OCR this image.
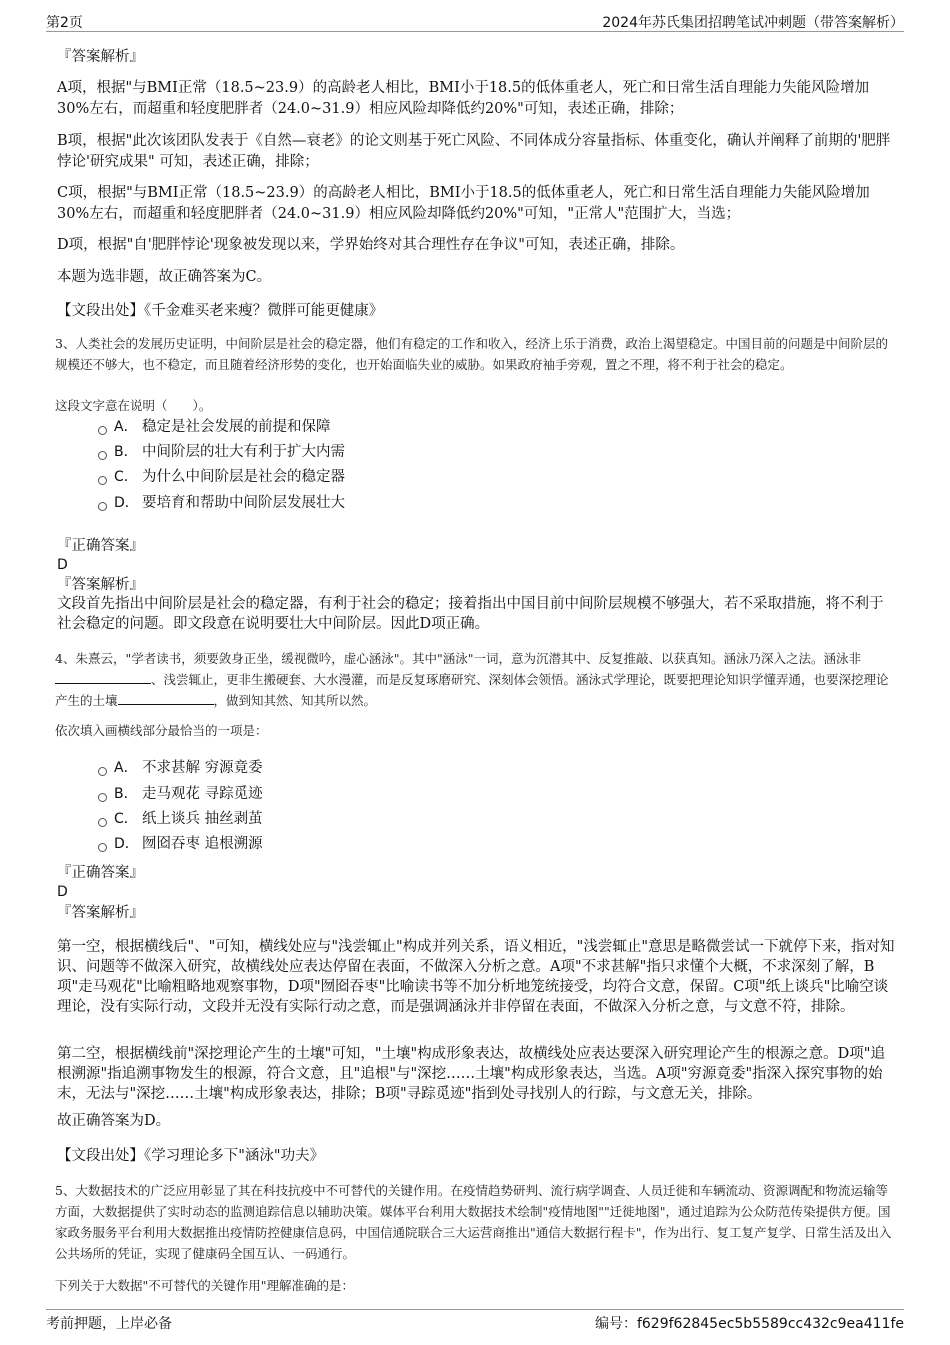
第2页	2024年苏氏集团招聘笔试冲刺题（带答案解析）

『答案解析』

A项，根据"与BMI正常（18.5~23.9）的高龄老人相比，BMI小于18.5的低体重老人，死亡和日常生活自理能力失能风险增加30%左右，而超重和轻度肥胖者（24.0~31.9）相应风险却降低约20%"可知，表述正确，排除；

B项，根据"此次该团队发表于《自然—衰老》的论文则基于死亡风险、不同体成分容量指标、体重变化，确认并阐释了前期的'肥胖悖论'研究成果" 可知，表述正确，排除；

C项，根据"与BMI正常（18.5~23.9）的高龄老人相比，BMI小于18.5的低体重老人，死亡和日常生活自理能力失能风险增加30%左右，而超重和轻度肥胖者（24.0~31.9）相应风险却降低约20%"可知，"正常人"范围扩大，当选；

D项，根据"自'肥胖悖论'现象被发现以来，学界始终对其合理性存在争议"可知，表述正确，排除。

本题为选非题，故正确答案为C。

【文段出处】《千金难买老来瘦？微胖可能更健康》

3、人类社会的发展历史证明，中间阶层是社会的稳定器，他们有稳定的工作和收入，经济上乐于消费，政治上渴望稳定。中国目前的问题是中间阶层的规模还不够大，也不稳定，而且随着经济形势的变化，也开始面临失业的威胁。如果政府袖手旁观，置之不理，将不利于社会的稳定。

这段文字意在说明（　　）。

A． 稳定是社会发展的前提和保障
B． 中间阶层的壮大有利于扩大内需
C． 为什么中间阶层是社会的稳定器
D． 要培育和帮助中间阶层发展壮大

『正确答案』

D

『答案解析』

文段首先指出中间阶层是社会的稳定器，有利于社会的稳定；接着指出中国目前中间阶层规模不够强大，若不采取措施，将不利于社会稳定的问题。即文段意在说明要壮大中间阶层。因此D项正确。

4、朱熹云，"学者读书，须要敛身正坐，缓视微吟，虚心涵泳"。其中"涵泳"一词，意为沉潜其中、反复推敲、以获真知。涵泳乃深入之法。涵泳非、浅尝辄止，更非生搬硬套、大水漫灌，而是反复琢磨研究、深刻体会领悟。涵泳式学理论，既要把理论知识学懂弄通，也要深挖理论产生的土壤	，做到知其然、知其所以然。

依次填入画横线部分最恰当的一项是：

A． 不求甚解 穷源竟委
B． 走马观花 寻踪觅迹
C． 纸上谈兵 抽丝剥茧
D． 囫囵吞枣 追根溯源

『正确答案』

D

『答案解析』

第一空，根据横线后"、"可知，横线处应与"浅尝辄止"构成并列关系，语义相近，"浅尝辄止"意思是略微尝试一下就停下来，指对知识、问题等不做深入研究，故横线处应表达停留在表面，不做深入分析之意。A项"不求甚解"指只求懂个大概，不求深刻了解，B项"走马观花"比喻粗略地观察事物，D项"囫囵吞枣"比喻读书等不加分析地笼统接受，均符合文意，保留。C项"纸上谈兵"比喻空谈理论，没有实际行动，文段并无没有实际行动之意，而是强调涵泳并非停留在表面，不做深入分析之意，与文意不符，排除。

第二空，根据横线前"深挖理论产生的土壤"可知，"土壤"构成形象表达，故横线处应表达要深入研究理论产生的根源之意。D项"追根溯源"指追溯事物发生的根源，符合文意，且"追根"与"深挖……土壤"构成形象表达，当选。A项"穷源竟委"指深入探究事物的始末，无法与"深挖……土壤"构成形象表达，排除；B项"寻踪觅迹"指到处寻找别人的行踪，与文意无关，排除。

故正确答案为D。

【文段出处】《学习理论多下"涵泳"功夫》

5、大数据技术的广泛应用彰显了其在科技抗疫中不可替代的关键作用。在疫情趋势研判、流行病学调查、人员迁徙和车辆流动、资源调配和物流运输等方面，大数据提供了实时动态的监测追踪信息以辅助决策。媒体平台利用大数据技术绘制"疫情地图""迁徙地图"，通过追踪为公众防范传染提供方便。国家政务服务平台利用大数据推出疫情防控健康信息码，中国信通院联合三大运营商推出"通信大数据行程卡"，作为出行、复工复产复学、日常生活及出入公共场所的凭证，实现了健康码全国互认、一码通行。

下列关于大数据"不可替代的关键作用"理解准确的是：

考前押题，上岸必备	编号：f629f62845ec5b5589cc432c9ea411fe
